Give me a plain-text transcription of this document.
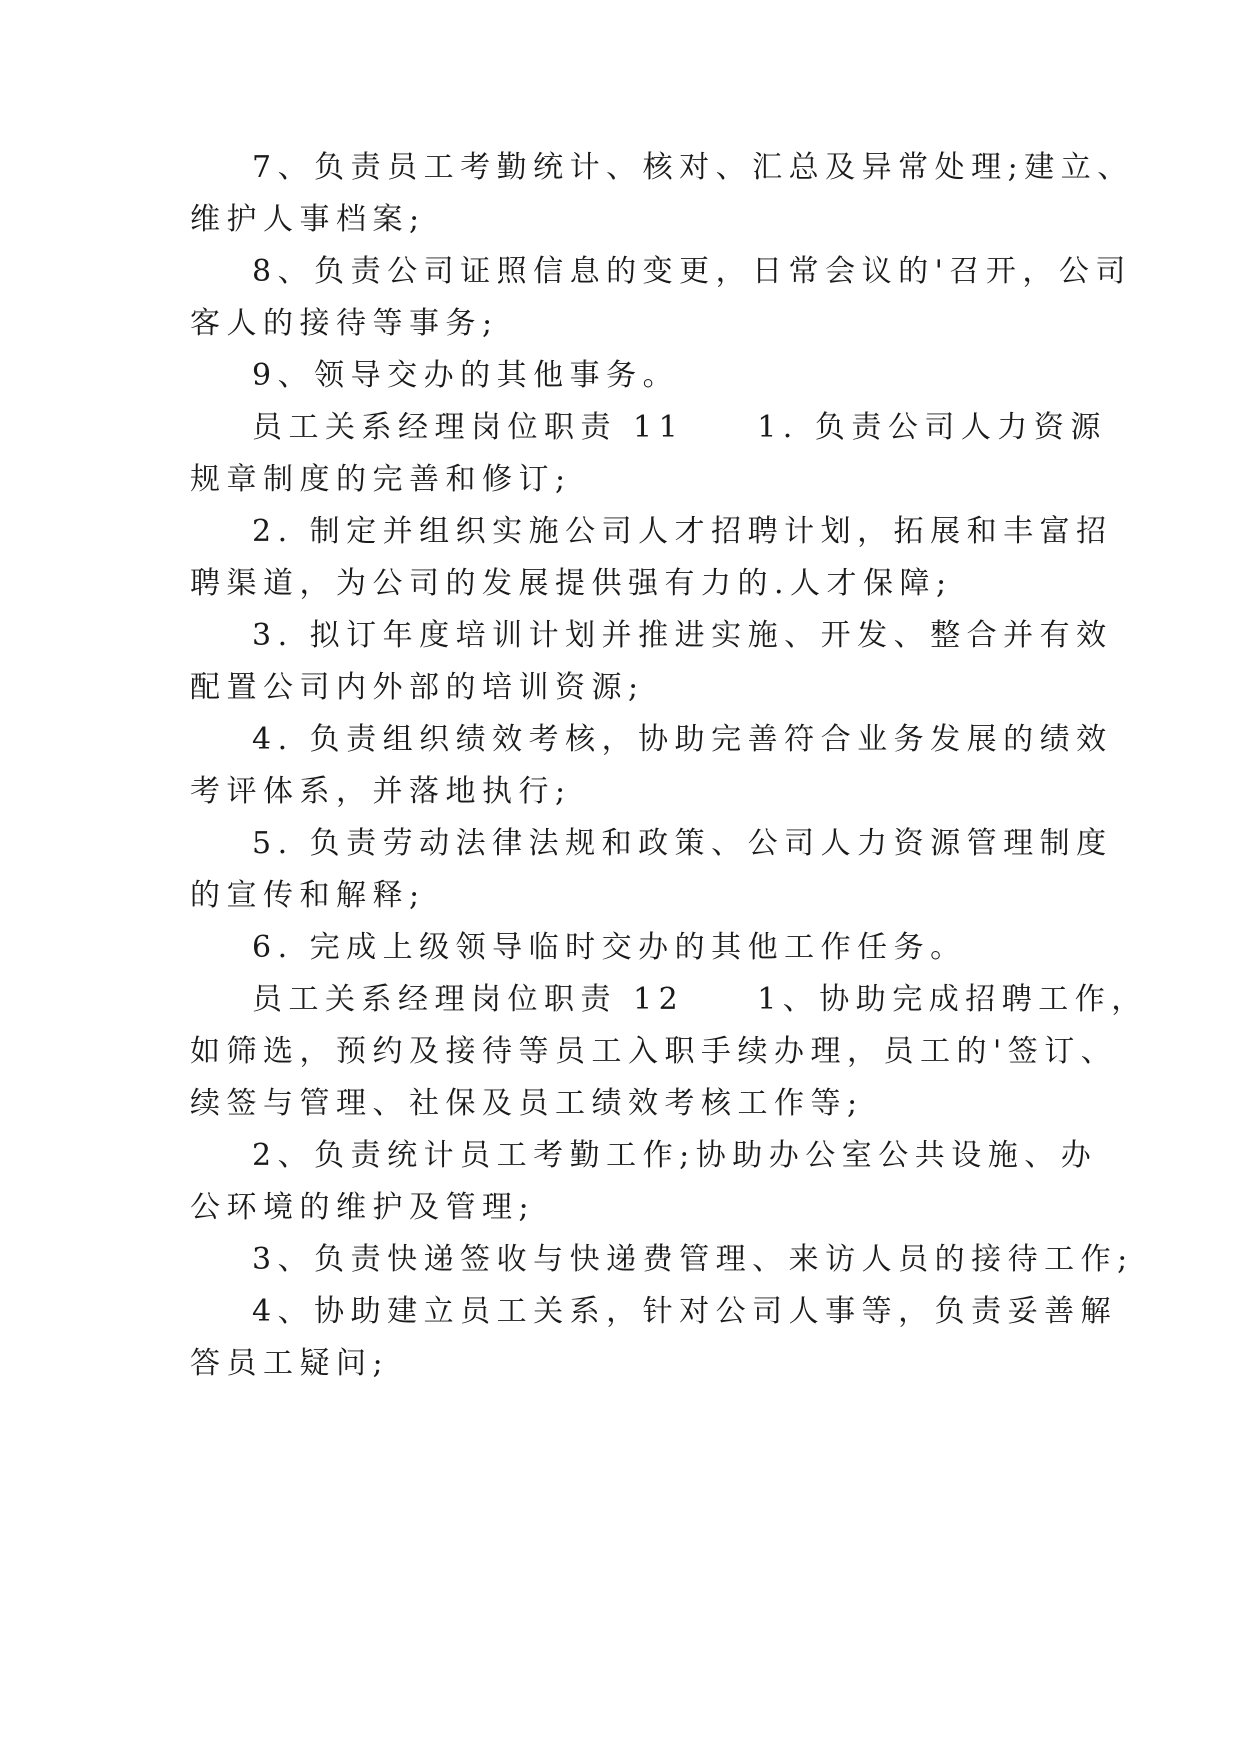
7、负责员工考勤统计、核对、汇总及异常处理;建立、
维护人事档案;
8、负责公司证照信息的变更，日常会议的'召开，公司
客人的接待等事务;
9、领导交办的其他事务。
员工关系经理岗位职责 11　　1. 负责公司人力资源
规章制度的完善和修订;
2. 制定并组织实施公司人才招聘计划，拓展和丰富招
聘渠道，为公司的发展提供强有力的.人才保障;
3. 拟订年度培训计划并推进实施、开发、整合并有效
配置公司内外部的培训资源;
4. 负责组织绩效考核，协助完善符合业务发展的绩效
考评体系，并落地执行;
5. 负责劳动法律法规和政策、公司人力资源管理制度
的宣传和解释;
6. 完成上级领导临时交办的其他工作任务。
员工关系经理岗位职责 12　　1、协助完成招聘工作，
如筛选，预约及接待等员工入职手续办理，员工的'签订、
续签与管理、社保及员工绩效考核工作等;
2、负责统计员工考勤工作;协助办公室公共设施、办
公环境的维护及管理;
3、负责快递签收与快递费管理、来访人员的接待工作;
4、协助建立员工关系，针对公司人事等，负责妥善解
答员工疑问;
